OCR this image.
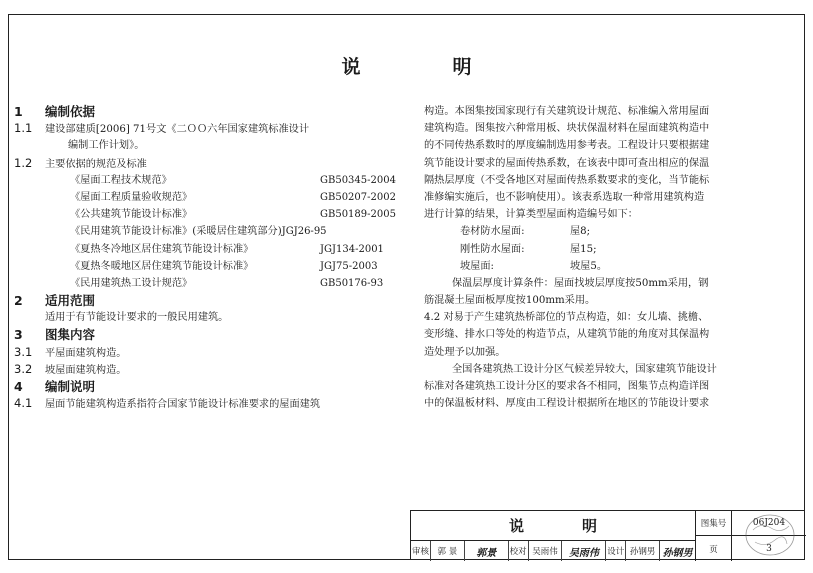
说	明
1 编制依据
1.1 建设部建质[2006] 71号文《二ＯＯ六年国家建筑标准设计
编制工作计划》。
1.2 主要依据的规范及标准
《屋面工程技术规范》	GB50345-2004
《屋面工程质量验收规范》	GB50207-2002
《公共建筑节能设计标准》	GB50189-2005
《民用建筑节能设计标准》(采暖居住建筑部分) JGJ26-95
《夏热冬冷地区居住建筑节能设计标准》	JGJ134-2001
《夏热冬暖地区居住建筑节能设计标准》	JGJ75-2003
《民用建筑热工设计规范》	GB50176-93
2 适用范围
适用于有节能设计要求的一般民用建筑。
3 图集内容
3.1 平屋面建筑构造。
3.2 坡屋面建筑构造。
4 编制说明
4.1 屋面节能建筑构造系指符合国家节能设计标准要求的屋面建筑
构造。本图集按国家现行有关建筑设计规范、标准编入常用屋面
建筑构造。图集按六种常用板、块状保温材料在屋面建筑构造中
的不同传热系数时的厚度编制选用参考表。工程设计只要根据建
筑节能设计要求的屋面传热系数，在该表中即可查出相应的保温
隔热层厚度（不受各地区对屋面传热系数要求的变化，当节能标
准修编实施后，也不影响使用）。该表系选取一种常用建筑构造
进行计算的结果，计算类型屋面构造编号如下：
卷材防水屋面:	屋8;
刚性防水屋面:	屋15;
坡屋面:	坡屋5。
保温层厚度计算条件：屋面找坡层厚度按50mm采用，钢
筋混凝土屋面板厚度按100mm采用。
4.2 对易于产生建筑热桥部位的节点构造，如：女儿墙、挑檐、
变形缝、排水口等处的构造节点，从建筑节能的角度对其保温构
造处理予以加强。
全国各建筑热工设计分区气候差异较大，国家建筑节能设计
标准对各建筑热工设计分区的要求各不相同，图集节点构造详图
中的保温板材料、厚度由工程设计根据所在地区的节能设计要求
说	明
审核	郭 景	郭景	校对 吴雨伟	吴雨伟 设计 孙钢男 孙钢男
图集号	06J204
页	3
